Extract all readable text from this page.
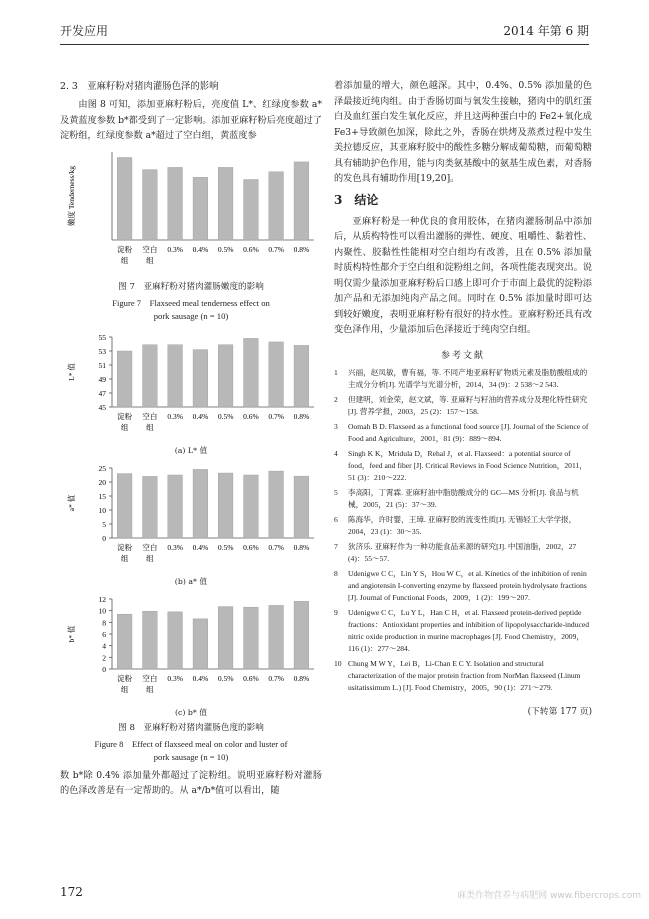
开发应用	2014 年第 6 期

2. 3　亚麻籽粉对猪肉灌肠色泽的影响

由图 8 可知，添加亚麻籽粉后，亮度值 L*、红绿度参数 a*及黄蓝度参数 b*都受到了一定影响。添加亚麻籽粉后亮度超过了淀粉组，红绿度参数 a*超过了空白组，黄蓝度参

嫩度 Tenderness/kg
淀粉
组
空白
组
0.3% 0.4% 0.5% 0.6% 0.7% 0.8%

图 7　亚麻籽粉对猪肉灌肠嫩度的影响

Figure 7　Flaxseed meal tenderness effect on
pork sausage (n = 10)
L* 值
45
47
49
51
53
55
淀粉
组
空白
组
0.3% 0.4% 0.5% 0.6% 0.7% 0.8%

(a) L* 值

a* 值
0
5
10
15
20
25
淀粉
组
空白
组
0.3% 0.4% 0.5% 0.6% 0.7% 0.8%

(b) a* 值

b* 值
0
2
4
6
8
10
12
淀粉
组
空白
组
0.3% 0.4% 0.5% 0.6% 0.7% 0.8%

(c) b* 值

图 8　亚麻籽粉对猪肉灌肠色度的影响

Figure 8　Effect of flaxseed meal on color and luster of
pork sausage (n = 10)

数 b*除 0.4% 添加量外都超过了淀粉组。说明亚麻籽粉对灌肠的色泽改善是有一定帮助的。从 a*/b*值可以看出，随

着添加量的增大，颜色越深。其中，0.4%、0.5% 添加量的色泽最接近纯肉组。由于香肠切面与氧发生接触，猪肉中的肌红蛋白及血红蛋白发生氧化反应，并且这两种蛋白中的 Fe2+氧化成 Fe3+导致颜色加深，除此之外，香肠在烘烤及蒸煮过程中发生美拉德反应，其亚麻籽胶中的酸性多糖分解成葡萄糖，而葡萄糖具有辅助护色作用，能与肉类氨基酸中的氨基生成色素，对香肠的发色具有辅助作用[19,20]。

3　结论

亚麻籽粉是一种优良的食用胶体，在猪肉灌肠制品中添加后，从质构特性可以看出灌肠的弹性、硬度、咀嚼性、黏着性、内聚性、胶黏性性能相对空白组均有改善，且在 0.5% 添加量时质构特性都介于空白组和淀粉组之间，各项性能表现突出。说明仅需少量添加亚麻籽粉后口感上即可介于市面上最优的淀粉添加产品和无添加纯肉产品之间。同时在 0.5% 添加量时即可达到较好嫩度，表明亚麻籽粉有很好的持水性。亚麻籽粉还具有改变色泽作用，少量添加后色泽接近于纯肉空白组。

参考文献
1 兴丽，赵凤敏，曹有福，等. 不同产地亚麻籽矿物质元素及脂肪酸组成的主成分分析[J]. 光谱学与光谱分析，2014，34 (9)：2 538～2 543.
2 但建明，刘金荣，赵文斌，等. 亚麻籽与籽油的营养成分及理化特性研究[J]. 营养学报，2003，25 (2)：157～158.
3 Oomah B D. Flaxseed as a functional food source [J]. Journal of the Science of Food and Agriculture，2001，81 (9)：889～894.
4 Singh K K，Mridula D，Rehal J，et al. Flaxseed：a potential source of food，feed and fiber [J]. Critical Reviews in Food Science Nutrition，2011，51 (3)：210～222.
5 李高阳，丁霄霖. 亚麻籽油中脂肪酸成分的 GC—MS 分析[J]. 食品与机械，2005，21 (5)：37～39.
6 陈海华，许时婴，王璋. 亚麻籽胶的流变性质[J]. 无锡轻工大学学报，2004，23 (1)：30～35.
7 狄济乐. 亚麻籽作为一种功能食品来源的研究[J]. 中国油脂，2002，27 (4)：55～57.
8 Udenigwe C C，Lin Y S，Hou W C，et al. Kinetics of the inhibition of renin and angiotensin I-converting enzyme by flaxseed protein hydrolysate fractions [J]. Journal of Functional Foods，2009，1 (2)：199～207.
9 Udenigwe C C，Lu Y L，Han C H，et al. Flaxseed protein-derived peptide fractions：Antioxidant properties and inhibition of lipopolysaccharide-induced nitric oxide production in murine macrophages [J]. Food Chemistry，2009，116 (1)：277～284.
10 Chung M W Y，Lei B，Li-Chan E C Y. Isolation and structural characterization of the major protein fraction from NorMan flaxseed (Linum usitatissimum L.) [J]. Food Chemistry，2005，90 (1)：271～279.
(下转第 177 页)
172	麻类作物营养与病肥网 www.fibercrops.com
